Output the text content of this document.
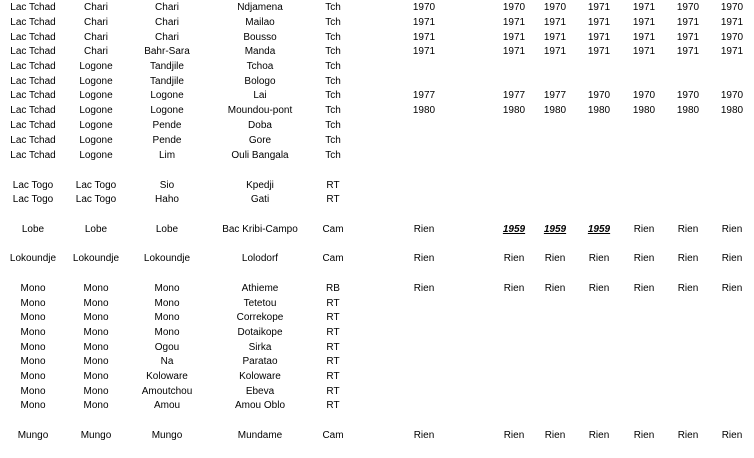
Lac Tchad	Chari	Chari	Ndjamena	Tch	1970	1970	1970	1971	1971	1970	1970
Lac Tchad	Chari	Chari	Mailao	Tch	1971	1971	1971	1971	1971	1971	1971
Lac Tchad	Chari	Chari	Bousso	Tch	1971	1971	1971	1971	1971	1971	1970
Lac Tchad	Chari	Bahr-Sara	Manda	Tch	1971	1971	1971	1971	1971	1971	1971
Lac Tchad	Logone	Tandjile	Tchoa	Tch
Lac Tchad	Logone	Tandjile	Bologo	Tch
Lac Tchad	Logone	Logone	Lai	Tch	1977	1977	1977	1970	1970	1970	1970
Lac Tchad	Logone	Logone	Moundou-pont	Tch	1980	1980	1980	1980	1980	1980	1980
Lac Tchad	Logone	Pende	Doba	Tch
Lac Tchad	Logone	Pende	Gore	Tch
Lac Tchad	Logone	Lim	Ouli Bangala	Tch
Lac Togo	Lac Togo	Sio	Kpedji	RT
Lac Togo	Lac Togo	Haho	Gati	RT
Lobe	Lobe	Lobe	Bac Kribi-Campo	Cam	Rien	1959	1959	1959	Rien	Rien	Rien
Lokoundje	Lokoundje	Lokoundje	Lolodorf	Cam	Rien	Rien	Rien	Rien	Rien	Rien	Rien
Mono	Mono	Mono	Athieme	RB	Rien	Rien	Rien	Rien	Rien	Rien	Rien
Mono	Mono	Mono	Tetetou	RT
Mono	Mono	Mono	Correkope	RT
Mono	Mono	Mono	Dotaikope	RT
Mono	Mono	Ogou	Sirka	RT
Mono	Mono	Na	Paratao	RT
Mono	Mono	Koloware	Koloware	RT
Mono	Mono	Amoutchou	Ebeva	RT
Mono	Mono	Amou	Amou Oblo	RT
Mungo	Mungo	Mungo	Mundame	Cam	Rien	Rien	Rien	Rien	Rien	Rien	Rien
